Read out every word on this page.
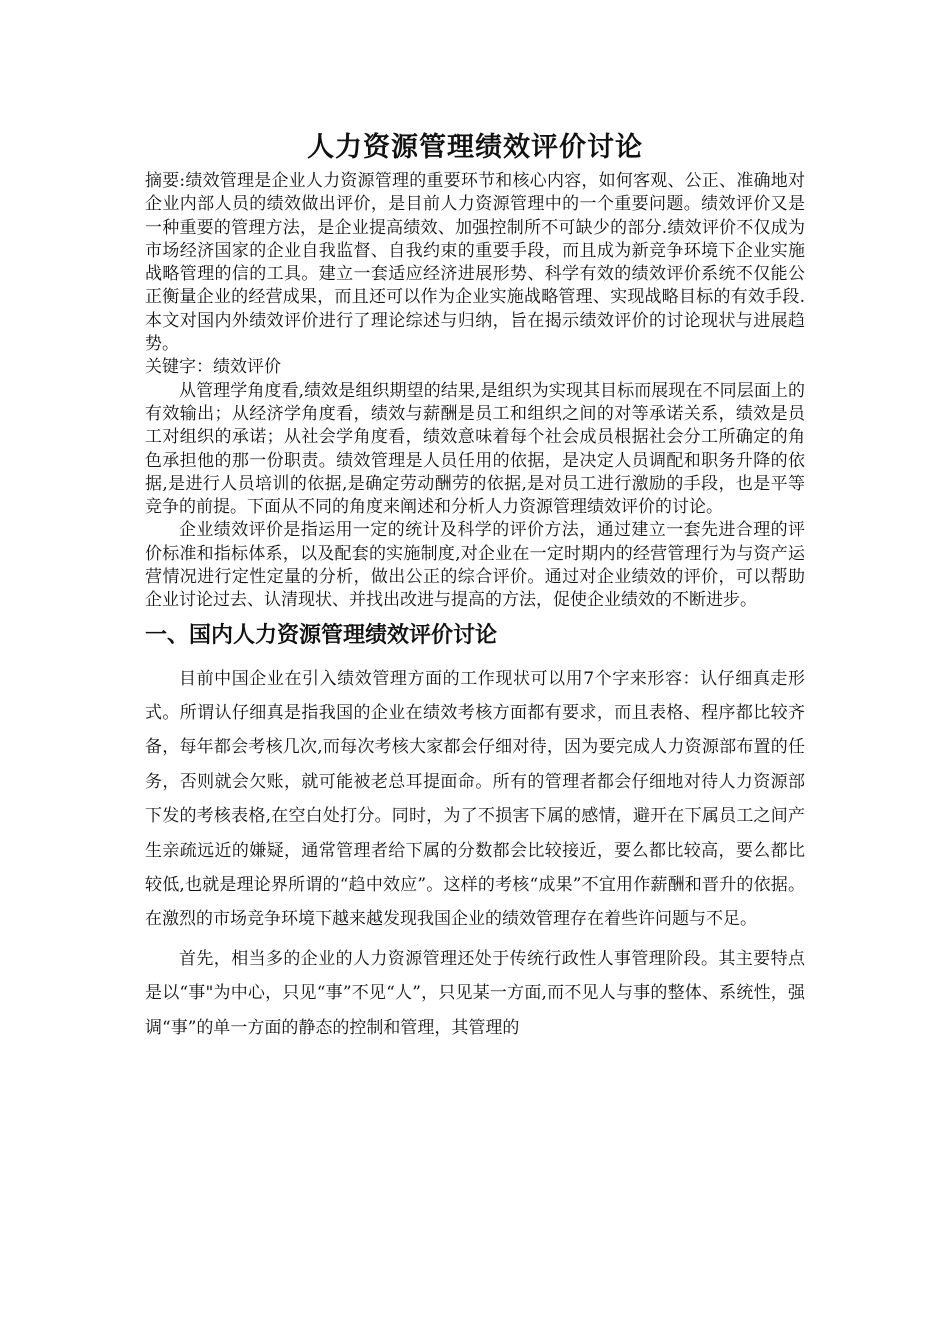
人力资源管理绩效评价讨论

摘要:绩效管理是企业人力资源管理的重要环节和核心内容，如何客观、公正、准确地对企业内部人员的绩效做出评价，是目前人力资源管理中的一个重要问题。绩效评价又是一种重要的管理方法，是企业提高绩效、加强控制所不可缺少的部分.绩效评价不仅成为市场经济国家的企业自我监督、自我约束的重要手段，而且成为新竞争环境下企业实施战略管理的信的工具。建立一套适应经济进展形势、科学有效的绩效评价系统不仅能公正衡量企业的经营成果，而且还可以作为企业实施战略管理、实现战略目标的有效手段.本文对国内外绩效评价进行了理论综述与归纳，旨在揭示绩效评价的讨论现状与进展趋势。

关键字：绩效评价

从管理学角度看,绩效是组织期望的结果,是组织为实现其目标而展现在不同层面上的有效输出；从经济学角度看，绩效与薪酬是员工和组织之间的对等承诺关系，绩效是员工对组织的承诺；从社会学角度看，绩效意味着每个社会成员根据社会分工所确定的角色承担他的那一份职责。绩效管理是人员任用的依据，是决定人员调配和职务升降的依据,是进行人员培训的依据,是确定劳动酬劳的依据,是对员工进行激励的手段，也是平等竞争的前提。下面从不同的角度来阐述和分析人力资源管理绩效评价的讨论。

企业绩效评价是指运用一定的统计及科学的评价方法，通过建立一套先进合理的评价标准和指标体系，以及配套的实施制度,对企业在一定时期内的经营管理行为与资产运营情况进行定性定量的分析，做出公正的综合评价。通过对企业绩效的评价，可以帮助企业讨论过去、认清现状、并找出改进与提高的方法，促使企业绩效的不断进步。

一、国内人力资源管理绩效评价讨论

目前中国企业在引入绩效管理方面的工作现状可以用7个字来形容：认仔细真走形式。所谓认仔细真是指我国的企业在绩效考核方面都有要求，而且表格、程序都比较齐备，每年都会考核几次,而每次考核大家都会仔细对待，因为要完成人力资源部布置的任务，否则就会欠账，就可能被老总耳提面命。所有的管理者都会仔细地对待人力资源部下发的考核表格,在空白处打分。同时，为了不损害下属的感情，避开在下属员工之间产生亲疏远近的嫌疑，通常管理者给下属的分数都会比较接近，要么都比较高，要么都比较低,也就是理论界所谓的“趋中效应”。这样的考核“成果”不宜用作薪酬和晋升的依据。在激烈的市场竞争环境下越来越发现我国企业的绩效管理存在着些许问题与不足。

首先，相当多的企业的人力资源管理还处于传统行政性人事管理阶段。其主要特点是以“事"为中心，只见“事”不见“人”，只见某一方面,而不见人与事的整体、系统性，强调“事”的单一方面的静态的控制和管理，其管理的
